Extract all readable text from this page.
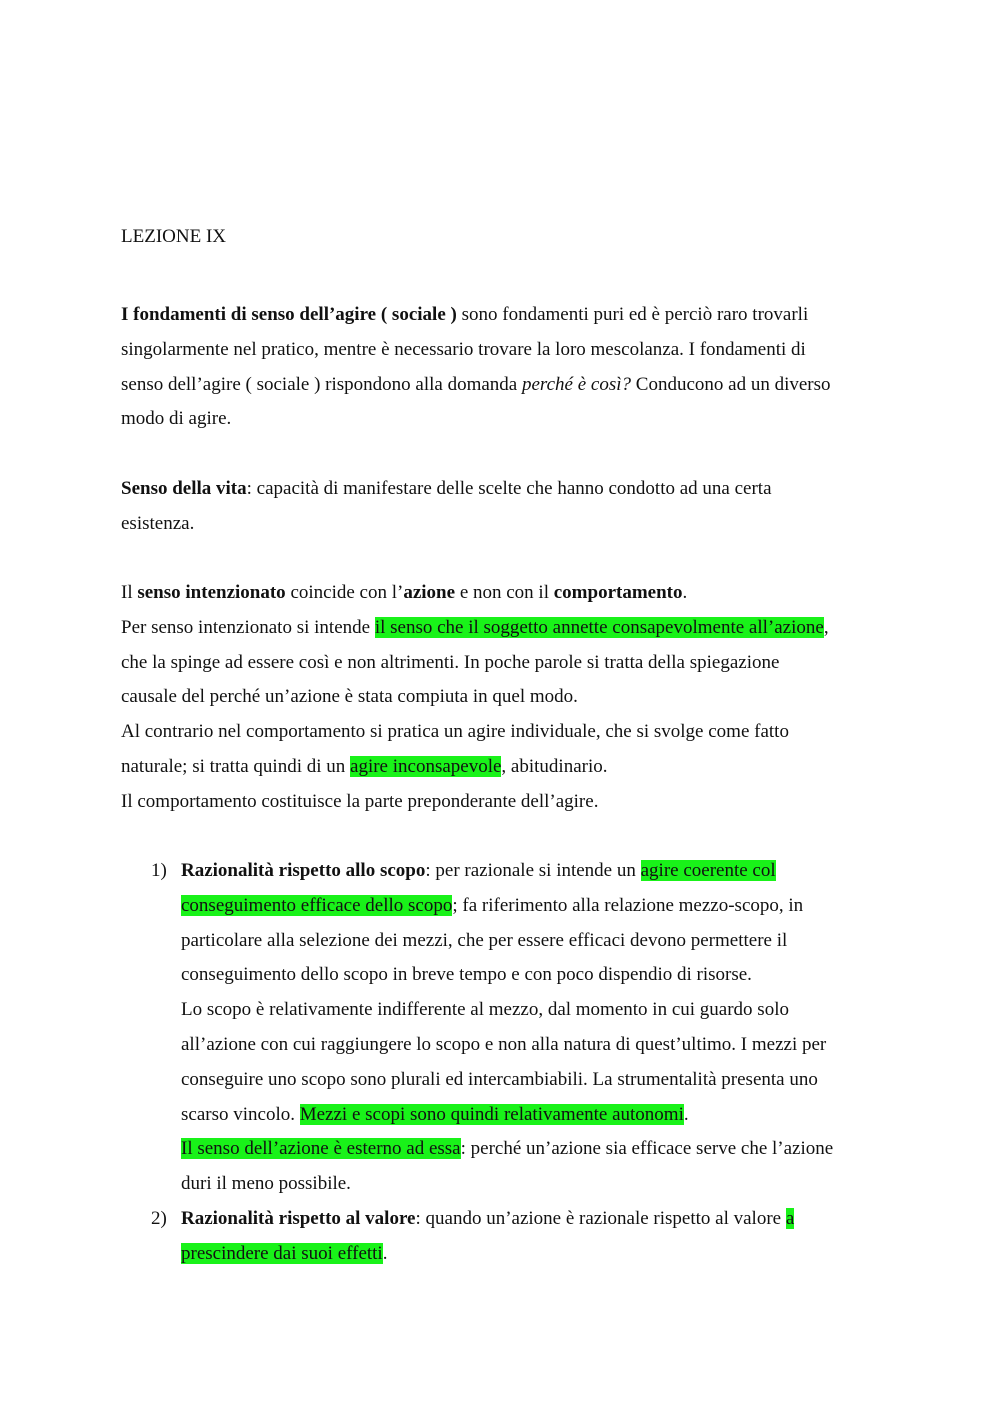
LEZIONE IX
I fondamenti di senso dell’agire ( sociale ) sono fondamenti puri ed è perciò raro trovarli
singolarmente nel pratico, mentre è necessario trovare la loro mescolanza. I fondamenti di
senso dell’agire ( sociale ) rispondono alla domanda perché è così? Conducono ad un diverso
modo di agire.
Senso della vita: capacità di manifestare delle scelte che hanno condotto ad una certa
esistenza.
Il senso intenzionato coincide con l’azione e non con il comportamento.
Per senso intenzionato si intende il senso che il soggetto annette consapevolmente all’azione,
che la spinge ad essere così e non altrimenti. In poche parole si tratta della spiegazione
causale del perché un’azione è stata compiuta in quel modo.
Al contrario nel comportamento si pratica un agire individuale, che si svolge come fatto
naturale; si tratta quindi di un agire inconsapevole, abitudinario.
Il comportamento costituisce la parte preponderante dell’agire.
1) Razionalità rispetto allo scopo: per razionale si intende un agire coerente col
conseguimento efficace dello scopo; fa riferimento alla relazione mezzo-scopo, in
particolare alla selezione dei mezzi, che per essere efficaci devono permettere il
conseguimento dello scopo in breve tempo e con poco dispendio di risorse.
Lo scopo è relativamente indifferente al mezzo, dal momento in cui guardo solo
all’azione con cui raggiungere lo scopo e non alla natura di quest’ultimo. I mezzi per
conseguire uno scopo sono plurali ed intercambiabili. La strumentalità presenta uno
scarso vincolo. Mezzi e scopi sono quindi relativamente autonomi.
Il senso dell’azione è esterno ad essa: perché un’azione sia efficace serve che l’azione
duri il meno possibile.
2) Razionalità rispetto al valore: quando un’azione è razionale rispetto al valore a
prescindere dai suoi effetti.
